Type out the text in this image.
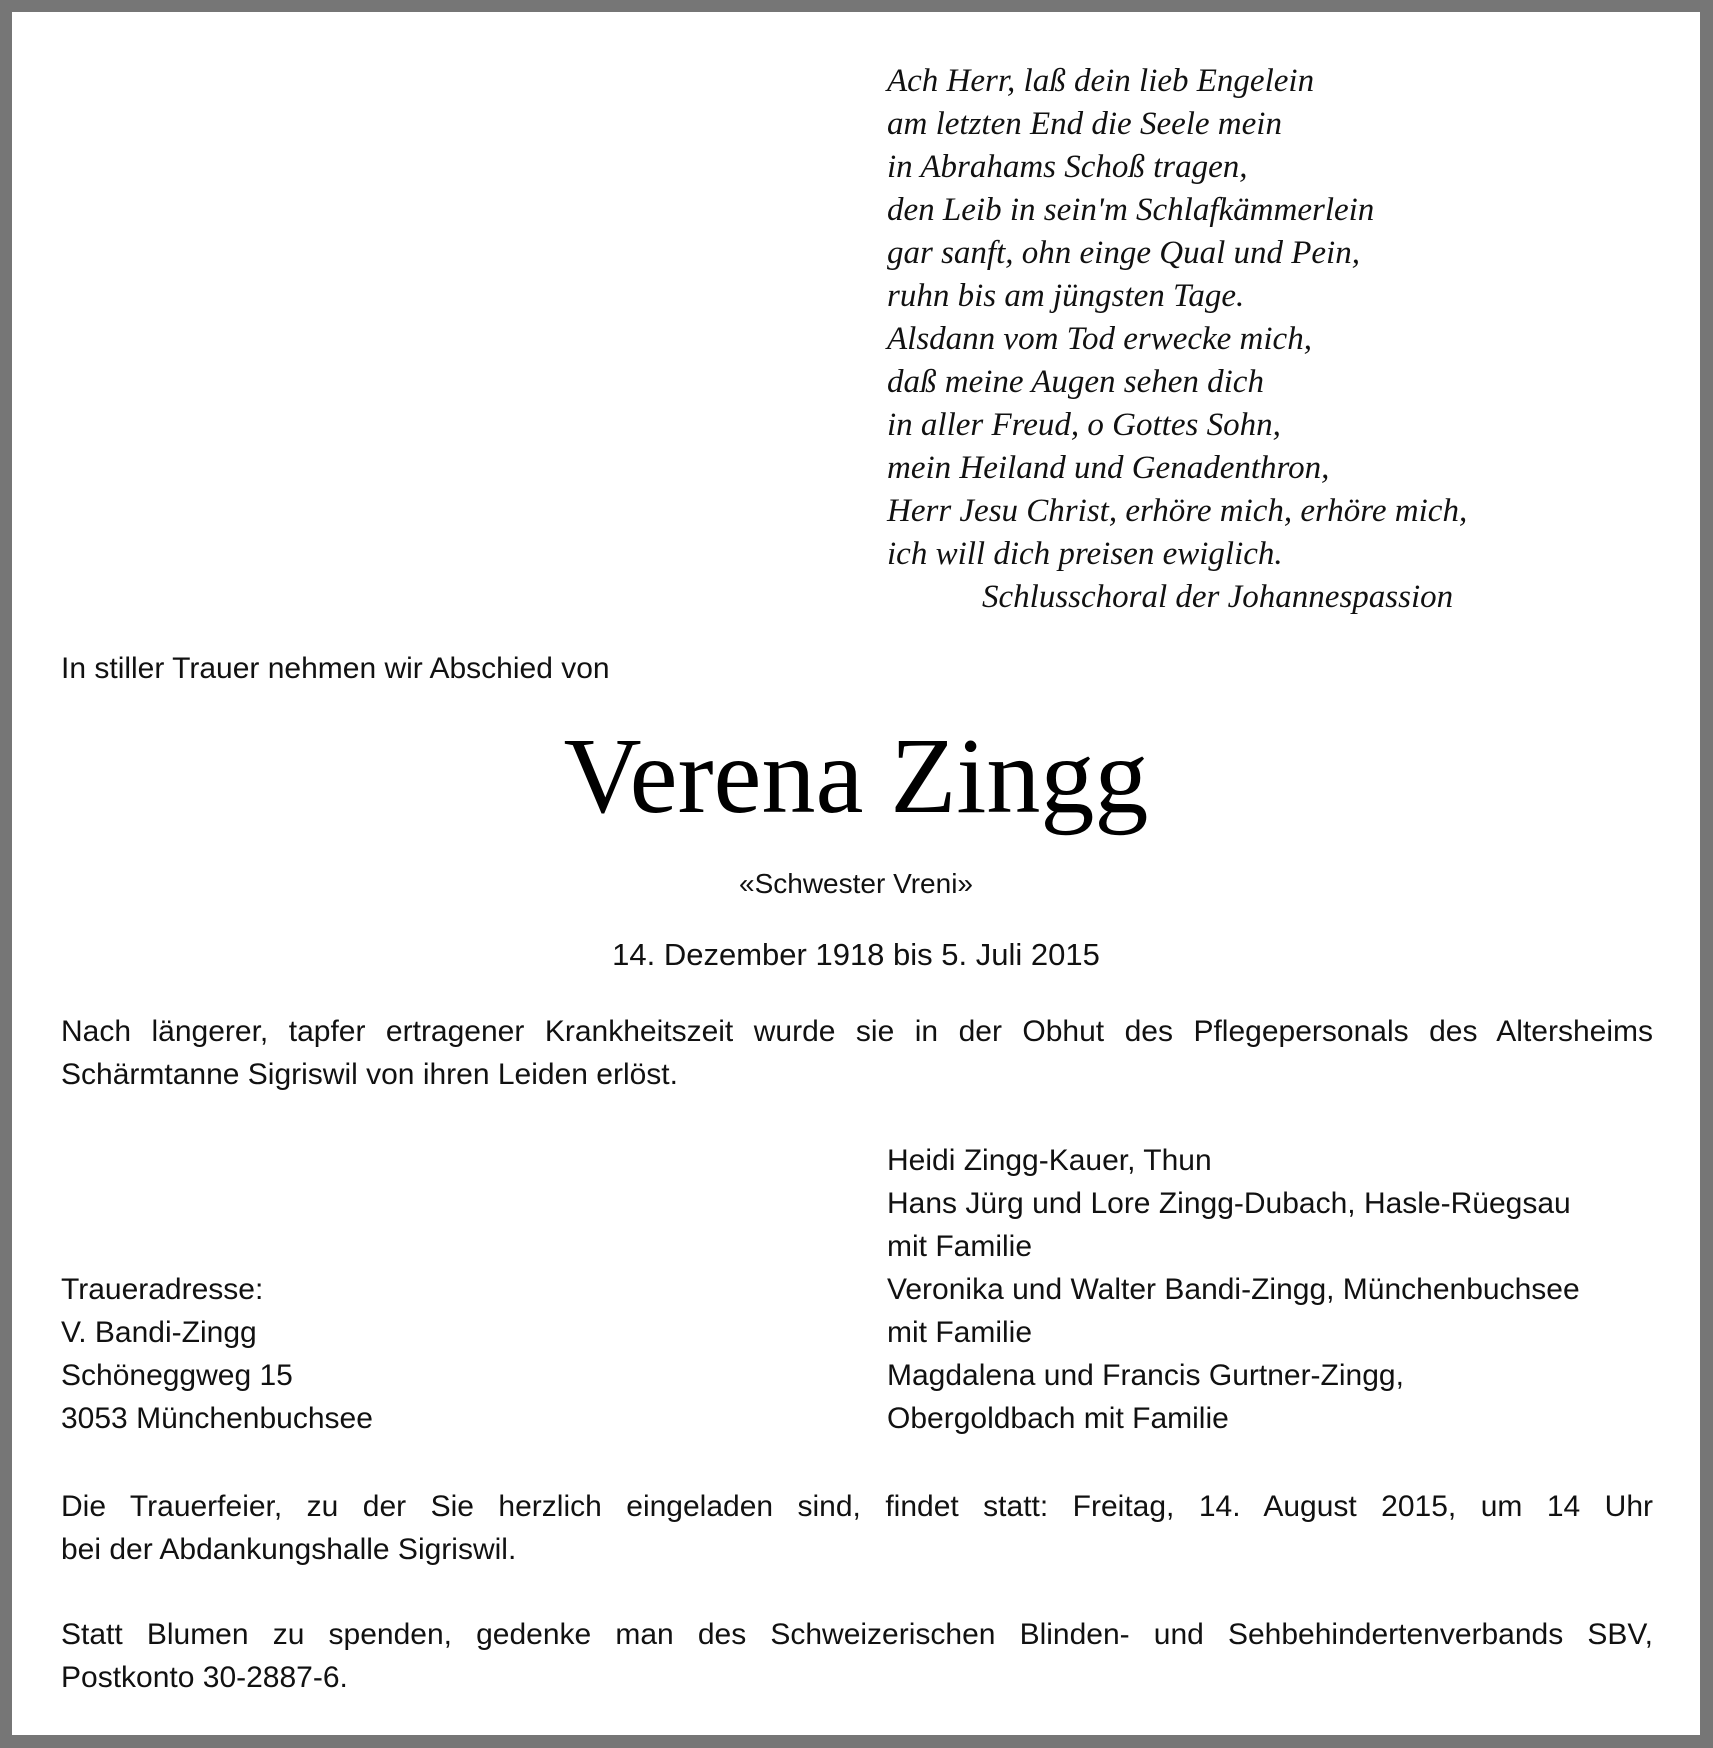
Ach Herr, laß dein lieb Engelein
am letzten End die Seele mein
in Abrahams Schoß tragen,
den Leib in sein'm Schlafkämmerlein
gar sanft, ohn einge Qual und Pein,
ruhn bis am jüngsten Tage.
Alsdann vom Tod erwecke mich,
daß meine Augen sehen dich
in aller Freud, o Gottes Sohn,
mein Heiland und Genadenthron,
Herr Jesu Christ, erhöre mich, erhöre mich,
ich will dich preisen ewiglich.
Schlusschoral der Johannespassion
In stiller Trauer nehmen wir Abschied von
Verena Zingg
«Schwester Vreni»
14. Dezember 1918 bis 5. Juli 2015
Nach längerer, tapfer ertragener Krankheitszeit wurde sie in der Obhut des Pflegepersonals des Altersheims
Schärmtanne Sigriswil von ihren Leiden erlöst.
Traueradresse:
V. Bandi-Zingg
Schöneggweg 15
3053 Münchenbuchsee
Heidi Zingg-Kauer, Thun
Hans Jürg und Lore Zingg-Dubach, Hasle-Rüegsau
mit Familie
Veronika und Walter Bandi-Zingg, Münchenbuchsee
mit Familie
Magdalena und Francis Gurtner-Zingg,
Obergoldbach mit Familie
Die Trauerfeier, zu der Sie herzlich eingeladen sind, findet statt: Freitag, 14. August 2015, um 14 Uhr
bei der Abdankungshalle Sigriswil.
Statt Blumen zu spenden, gedenke man des Schweizerischen Blinden- und Sehbehindertenverbands SBV,
Postkonto 30-2887-6.
